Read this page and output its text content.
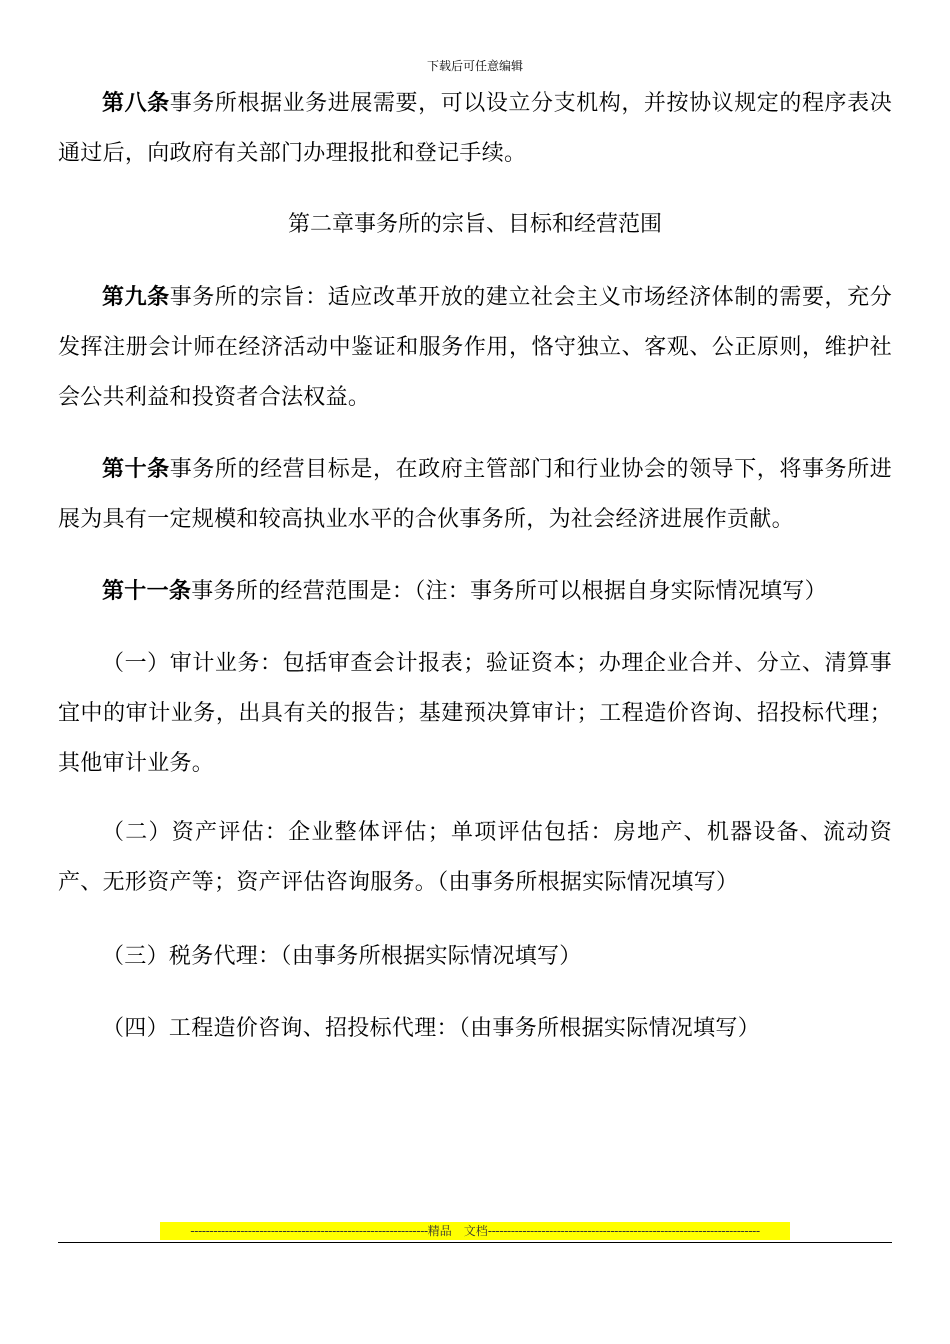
下载后可任意编辑

第八条事务所根据业务进展需要，可以设立分支机构，并按协议规定的程序表决通过后，向政府有关部门办理报批和登记手续。

第二章事务所的宗旨、目标和经营范围

第九条事务所的宗旨：适应改革开放的建立社会主义市场经济体制的需要，充分发挥注册会计师在经济活动中鉴证和服务作用，恪守独立、客观、公正原则，维护社会公共利益和投资者合法权益。

第十条事务所的经营目标是，在政府主管部门和行业协会的领导下，将事务所进展为具有一定规模和较高执业水平的合伙事务所，为社会经济进展作贡献。

第十一条事务所的经营范围是：（注：事务所可以根据自身实际情况填写）

（一）审计业务：包括审查会计报表；验证资本；办理企业合并、分立、清算事宜中的审计业务，出具有关的报告；基建预决算审计；工程造价咨询、招投标代理；其他审计业务。

（二）资产评估：企业整体评估；单项评估包括：房地产、机器设备、流动资产、无形资产等；资产评估咨询服务。（由事务所根据实际情况填写）

（三）税务代理：（由事务所根据实际情况填写）

（四）工程造价咨询、招投标代理：（由事务所根据实际情况填写）

--------------------------------------------------------------精品　文档-----------------------------------------------------------------------
